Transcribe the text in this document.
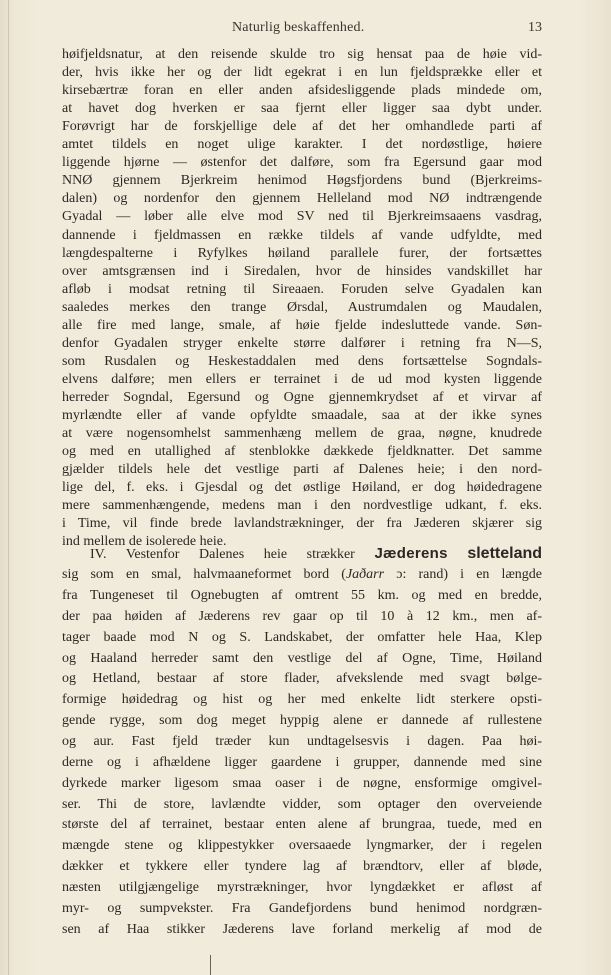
Naturlig beskaffenhed.	13
høifjeldsnatur, at den reisende skulde tro sig hensat paa de høie vid-
der, hvis ikke her og der lidt egekrat i en lun fjeldsprække eller et
kirsebærtræ foran en eller anden afsidesliggende plads mindede om,
at havet dog hverken er saa fjernt eller ligger saa dybt under.
Forøvrigt har de forskjellige dele af det her omhandlede parti af
amtet tildels en noget ulige karakter. I det nordøstlige, høiere
liggende hjørne — østenfor det dalføre, som fra Egersund gaar mod
NNØ gjennem Bjerkreim henimod Høgsfjordens bund (Bjerkreims-
dalen) og nordenfor den gjennem Helleland mod NØ indtrængende
Gyadal — løber alle elve mod SV ned til Bjerkreimsaaens vasdrag,
dannende i fjeldmassen en række tildels af vande udfyldte, med
længdespalterne i Ryfylkes høiland parallele furer, der fortsættes
over amtsgrænsen ind i Siredalen, hvor de hinsides vandskillet har
afløb i modsat retning til Sireaaen. Foruden selve Gyadalen kan
saaledes merkes den trange Ørsdal, Austrumdalen og Maudalen,
alle fire med lange, smale, af høie fjelde indesluttede vande. Søn-
denfor Gyadalen stryger enkelte større dalfører i retning fra N—S,
som Rusdalen og Heskestaddalen med dens fortsættelse Sogndals-
elvens dalføre; men ellers er terrainet i de ud mod kysten liggende
herreder Sogndal, Egersund og Ogne gjennemkrydset af et virvar af
myrlændte eller af vande opfyldte smaadale, saa at der ikke synes
at være nogensomhelst sammenhæng mellem de graa, nøgne, knudrede
og med en utallighed af stenblokke dækkede fjeldknatter. Det samme
gjælder tildels hele det vestlige parti af Dalenes heie; i den nord-
lige del, f. eks. i Gjesdal og det østlige Høiland, er dog høidedragene
mere sammenhængende, medens man i den nordvestlige udkant, f. eks.
i Time, vil finde brede lavlandstrækninger, der fra Jæderen skjærer sig
ind mellem de isolerede heie.
IV. Vestenfor Dalenes heie strækker Jæderens sletteland
sig som en smal, halvmaaneformet bord (Jaðarr ɔ: rand) i en længde
fra Tungeneset til Ognebugten af omtrent 55 km. og med en bredde,
der paa høiden af Jæderens rev gaar op til 10 à 12 km., men af-
tager baade mod N og S. Landskabet, der omfatter hele Haa, Klep
og Haaland herreder samt den vestlige del af Ogne, Time, Høiland
og Hetland, bestaar af store flader, afvekslende med svagt bølge-
formige høidedrag og hist og her med enkelte lidt sterkere opsti-
gende rygge, som dog meget hyppig alene er dannede af rullestene
og aur. Fast fjeld træder kun undtagelsesvis i dagen. Paa høi-
derne og i afhældene ligger gaardene i grupper, dannende med sine
dyrkede marker ligesom smaa oaser i de nøgne, ensformige omgivel-
ser. Thi de store, lavlændte vidder, som optager den overveiende
største del af terrainet, bestaar enten alene af brungraa, tuede, med en
mængde stene og klippestykker oversaaede lyngmarker, der i regelen
dækker et tykkere eller tyndere lag af brændtorv, eller af bløde,
næsten utilgjængelige myrstrækninger, hvor lyngdækket er afløst af
myr- og sumpvekster. Fra Gandefjordens bund henimod nordgræn-
sen af Haa stikker Jæderens lave forland merkelig af mod de
